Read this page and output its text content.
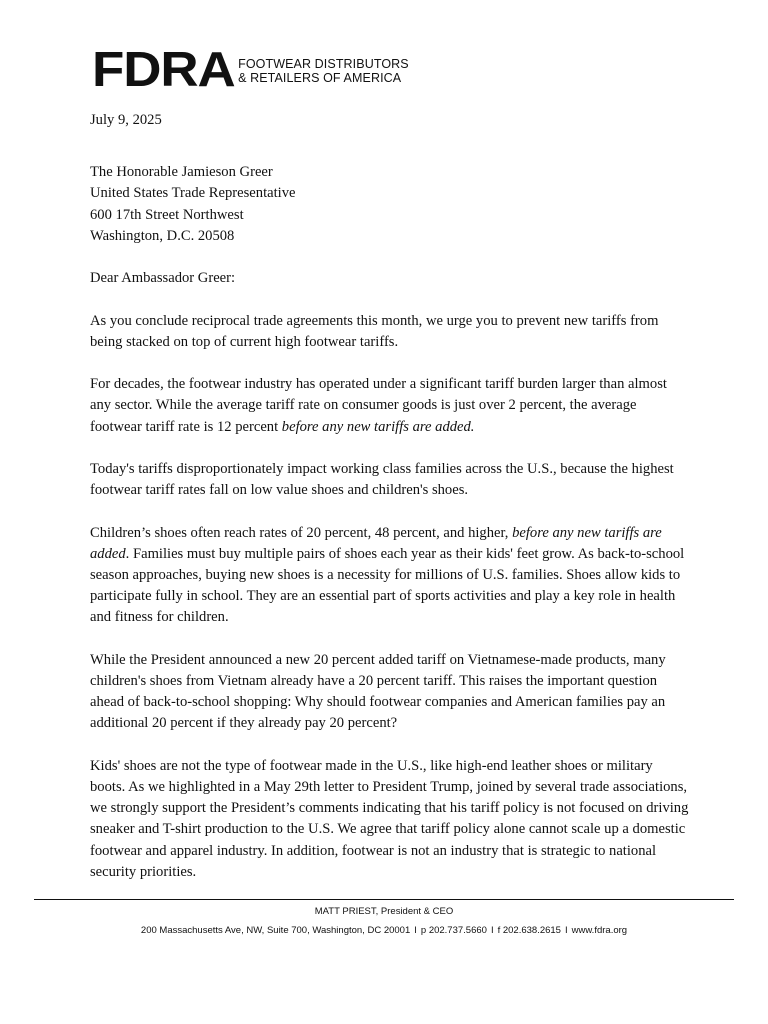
FDRA FOOTWEAR DISTRIBUTORS
& RETAILERS OF AMERICA

July 9, 2025

The Honorable Jamieson Greer
United States Trade Representative
600 17th Street Northwest
Washington, D.C. 20508

Dear Ambassador Greer:

As you conclude reciprocal trade agreements this month, we urge you to prevent new tariffs from being stacked on top of current high footwear tariffs.

For decades, the footwear industry has operated under a significant tariff burden larger than almost any sector. While the average tariff rate on consumer goods is just over 2 percent, the average footwear tariff rate is 12 percent before any new tariffs are added.

Today's tariffs disproportionately impact working class families across the U.S., because the highest footwear tariff rates fall on low value shoes and children's shoes.

Children’s shoes often reach rates of 20 percent, 48 percent, and higher, before any new tariffs are added. Families must buy multiple pairs of shoes each year as their kids' feet grow. As back-to-school season approaches, buying new shoes is a necessity for millions of U.S. families. Shoes allow kids to participate fully in school. They are an essential part of sports activities and play a key role in health and fitness for children.

While the President announced a new 20 percent added tariff on Vietnamese-made products, many children's shoes from Vietnam already have a 20 percent tariff. This raises the important question ahead of back-to-school shopping: Why should footwear companies and American families pay an additional 20 percent if they already pay 20 percent?

Kids' shoes are not the type of footwear made in the U.S., like high-end leather shoes or military boots. As we highlighted in a May 29th letter to President Trump, joined by several trade associations, we strongly support the President’s comments indicating that his tariff policy is not focused on driving sneaker and T-shirt production to the U.S. We agree that tariff policy alone cannot scale up a domestic footwear and apparel industry. In addition, footwear is not an industry that is strategic to national security priorities.

MATT PRIEST, President & CEO
200 Massachusetts Ave, NW, Suite 700, Washington, DC 20001 I p 202.737.5660 I f 202.638.2615 I www.fdra.org
